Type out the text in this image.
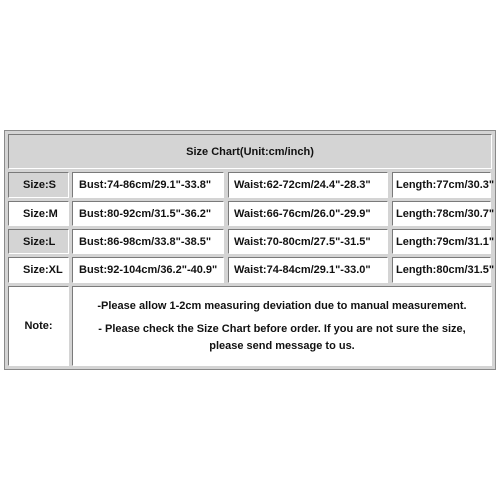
Size Chart(Unit:cm/inch)
Size:S	Bust:74-86cm/29.1"-33.8"	Waist:62-72cm/24.4"-28.3"	Length:77cm/30.3"
Size:M	Bust:80-92cm/31.5"-36.2"	Waist:66-76cm/26.0"-29.9"	Length:78cm/30.7"
Size:L	Bust:86-98cm/33.8"-38.5"	Waist:70-80cm/27.5"-31.5"	Length:79cm/31.1"
Size:XL	Bust:92-104cm/36.2"-40.9"	Waist:74-84cm/29.1"-33.0"	Length:80cm/31.5"
Note:
-Please allow 1-2cm measuring deviation due to manual measurement.
- Please check the Size Chart before order. If you are not sure the size, please send message to us.
